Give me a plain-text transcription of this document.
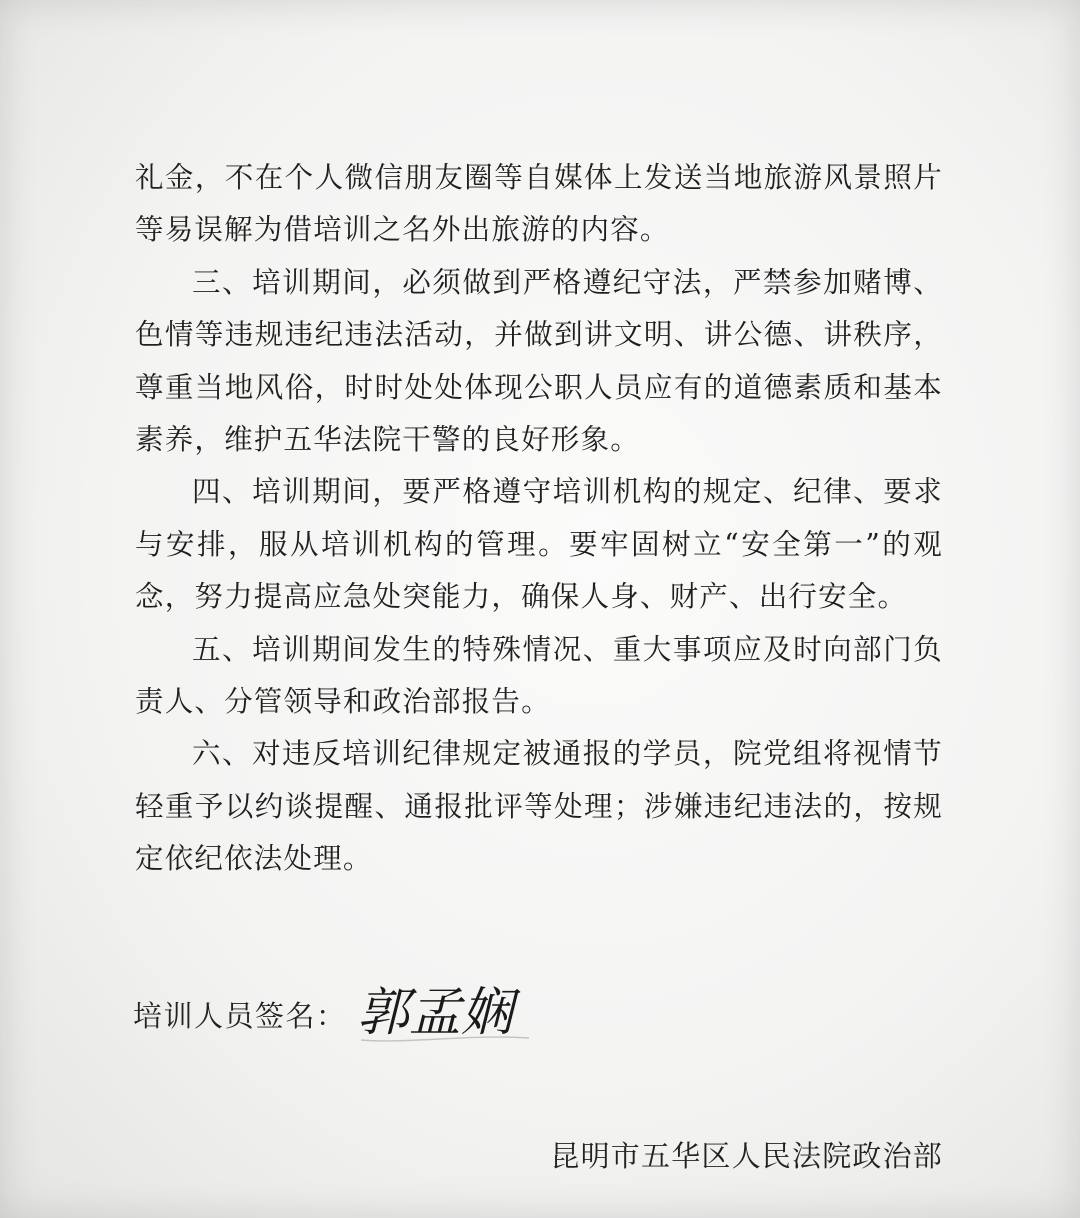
礼金，不在个人微信朋友圈等自媒体上发送当地旅游风景照片等易误解为借培训之名外出旅游的内容。

三、培训期间，必须做到严格遵纪守法，严禁参加赌博、色情等违规违纪违法活动，并做到讲文明、讲公德、讲秩序，尊重当地风俗，时时处处体现公职人员应有的道德素质和基本素养，维护五华法院干警的良好形象。

四、培训期间，要严格遵守培训机构的规定、纪律、要求与安排，服从培训机构的管理。要牢固树立“安全第一”的观念，努力提高应急处突能力，确保人身、财产、出行安全。

五、培训期间发生的特殊情况、重大事项应及时向部门负责人、分管领导和政治部报告。

六、对违反培训纪律规定被通报的学员，院党组将视情节轻重予以约谈提醒、通报批评等处理；涉嫌违纪违法的，按规定依纪依法处理。

培训人员签名： 郭孟娴
昆明市五华区人民法院政治部
